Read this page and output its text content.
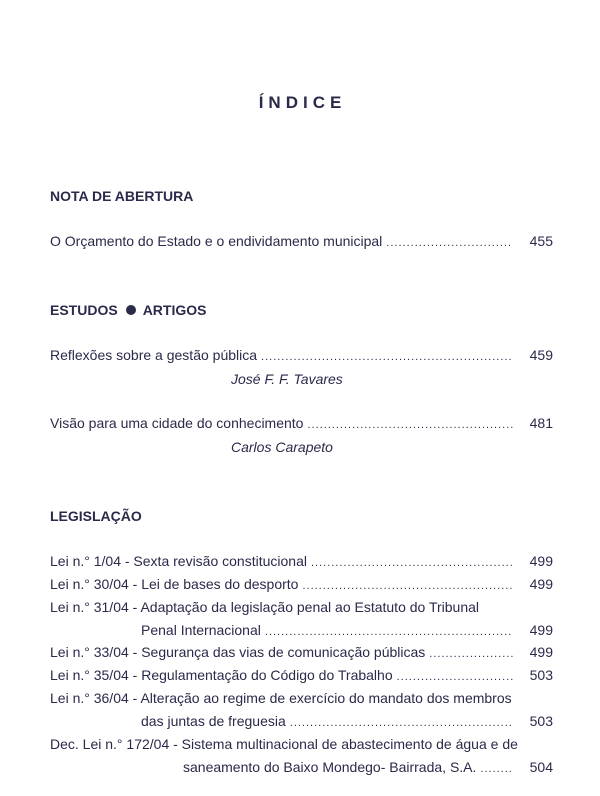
ÍNDICE
NOTA DE ABERTURA
O Orçamento do Estado e o endividamento municipal .....	455
ESTUDOS ARTIGOS
Reflexões sobre a gestão pública .....	459
José F. F. Tavares
Visão para uma cidade do conhecimento .....	481
Carlos Carapeto
LEGISLAÇÃO
Lei n.° 1/04 - Sexta revisão constitucional .....	499
Lei n.° 30/04 - Lei de bases do desporto .....	499
Lei n.° 31/04 - Adaptação da legislação penal ao Estatuto do Tribunal
Penal Internacional .....	499
Lei n.° 33/04 - Segurança das vias de comunicação públicas .....	499
Lei n.° 35/04 - Regulamentação do Código do Trabalho .....	503
Lei n.° 36/04 - Alteração ao regime de exercício do mandato dos membros
das juntas de freguesia .....	503
Dec. Lei n.° 172/04 - Sistema multinacional de abastecimento de água e de
saneamento do Baixo Mondego- Bairrada, S.A. .....	504
